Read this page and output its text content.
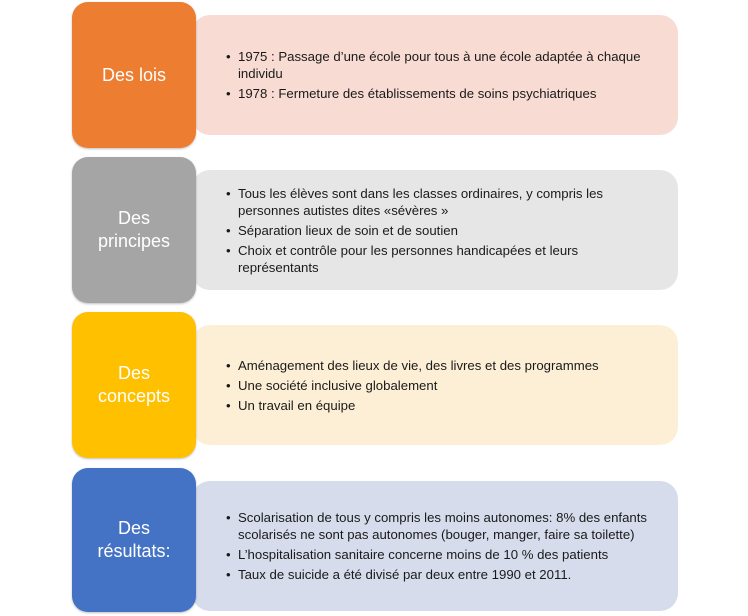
• 1975 : Passage d’une école pour tous à une école adaptée à chaque individu
• 1978 : Fermeture des établissements de soins psychiatriques
Des lois
• Tous les élèves sont dans les classes ordinaires, y compris les personnes autistes dites «sévères »
• Séparation lieux de soin et de soutien
• Choix et contrôle pour les personnes handicapées et leurs représentants
Des principes
• Aménagement des lieux de vie, des livres et des programmes
• Une société inclusive globalement
• Un travail en équipe
Des concepts
• Scolarisation de tous y compris les moins autonomes: 8% des enfants scolarisés ne sont pas autonomes (bouger, manger, faire sa toilette)
• L’hospitalisation sanitaire concerne moins de 10 % des patients
• Taux de suicide a été divisé par deux entre 1990 et 2011.
Des résultats:
